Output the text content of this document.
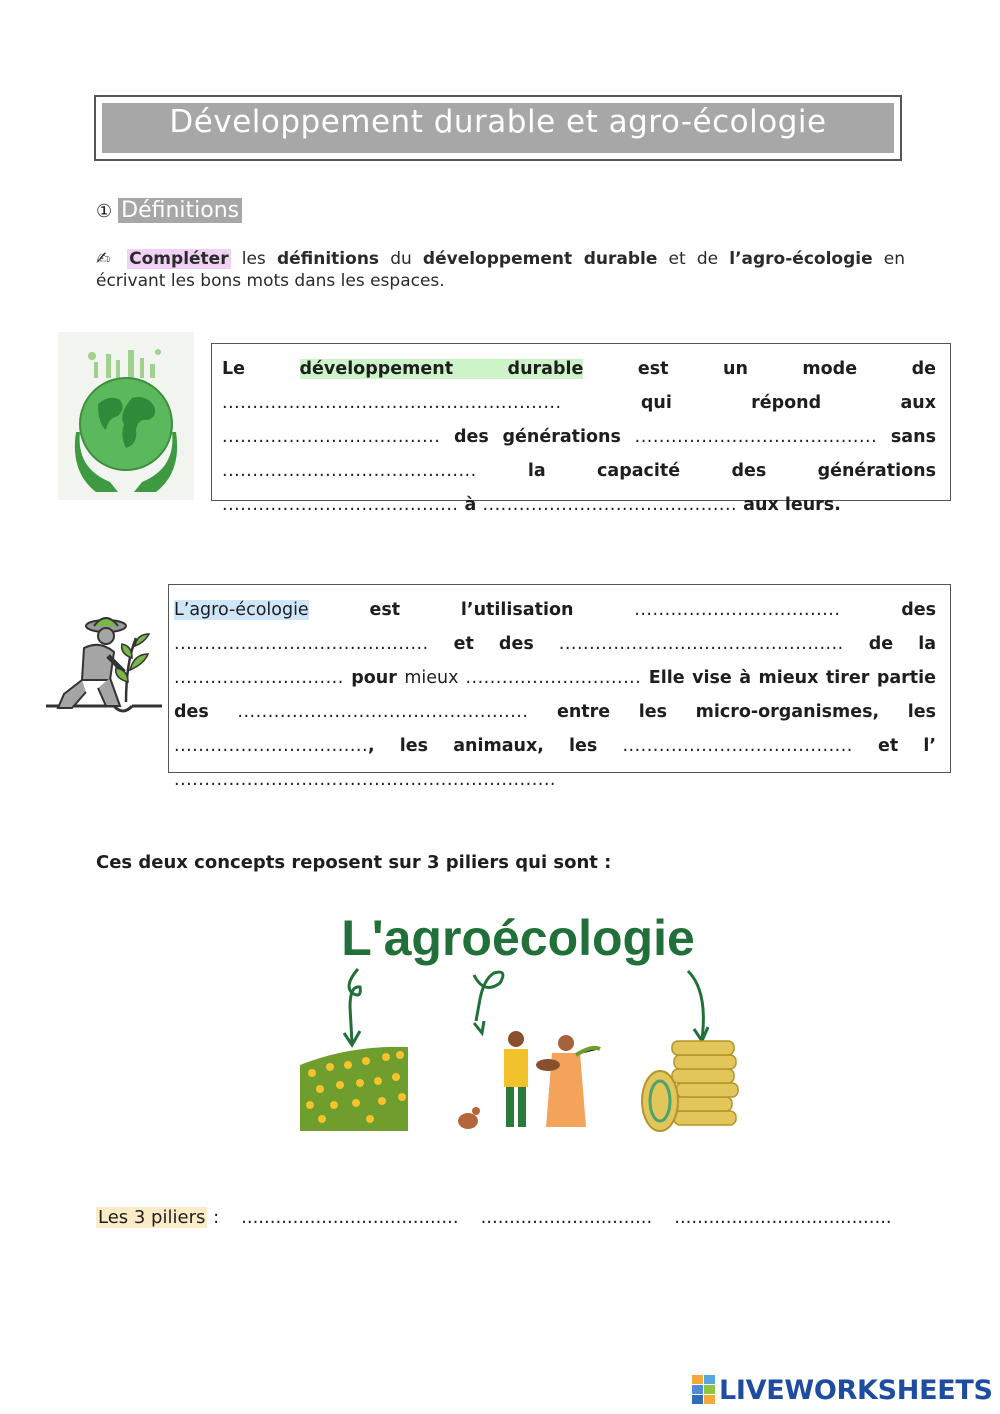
Développement durable et agro-écologie
① Définitions
✍ Compléter les définitions du développement durable et de l’agro-écologie en écrivant les bons mots dans les espaces.

Le développement durable est un mode de ........................................................	qui répond aux .................................... des générations ........................................ sans .......................................... la capacité des générations ....................................... à .......................................... aux leurs.

L’agro-écologie est l’utilisation .................................. des .......................................... et des ............................................... de la ............................ pour mieux ............................. Elle vise à mieux tirer partie des ................................................ entre les micro-organismes, les ................................, les animaux, les ...................................... et l’ ...............................................................

Ces deux concepts reposent sur 3 piliers qui sont :
L'agroécologie
Les 3 piliers : ...................................... .............................. ......................................
LIVEWORKSHEETS
